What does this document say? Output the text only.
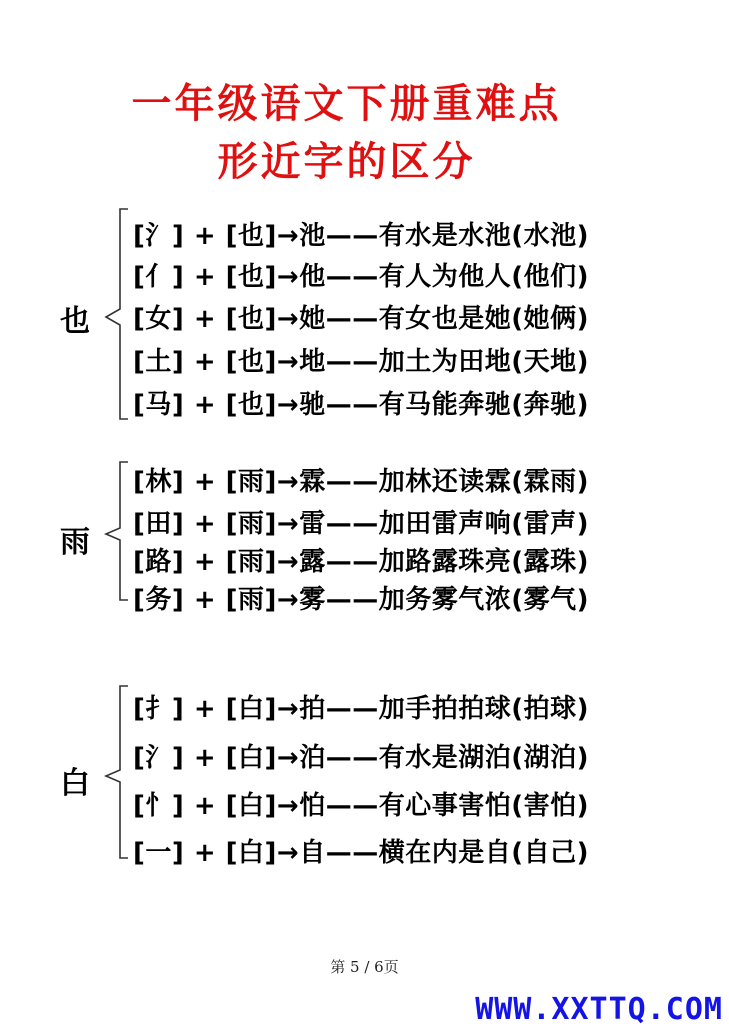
一年级语文下册重难点
形近字的区分
也
[氵] + [也]→池——有水是水池(水池)
[亻] + [也]→他——有人为他人(他们)
[女] + [也]→她——有女也是她(她俩)
[土] + [也]→地——加土为田地(天地)
[马] + [也]→驰——有马能奔驰(奔驰)
雨
[林] + [雨]→霖——加林还读霖(霖雨)
[田] + [雨]→雷——加田雷声响(雷声)
[路] + [雨]→露——加路露珠亮(露珠)
[务] + [雨]→雾——加务雾气浓(雾气)
白
[扌] + [白]→拍——加手拍拍球(拍球)
[氵] + [白]→泊——有水是湖泊(湖泊)
[忄] + [白]→怕——有心事害怕(害怕)
[一] + [白]→自——横在内是自(自己)
第 5 / 6页
WWW.XXTTQ.COM
